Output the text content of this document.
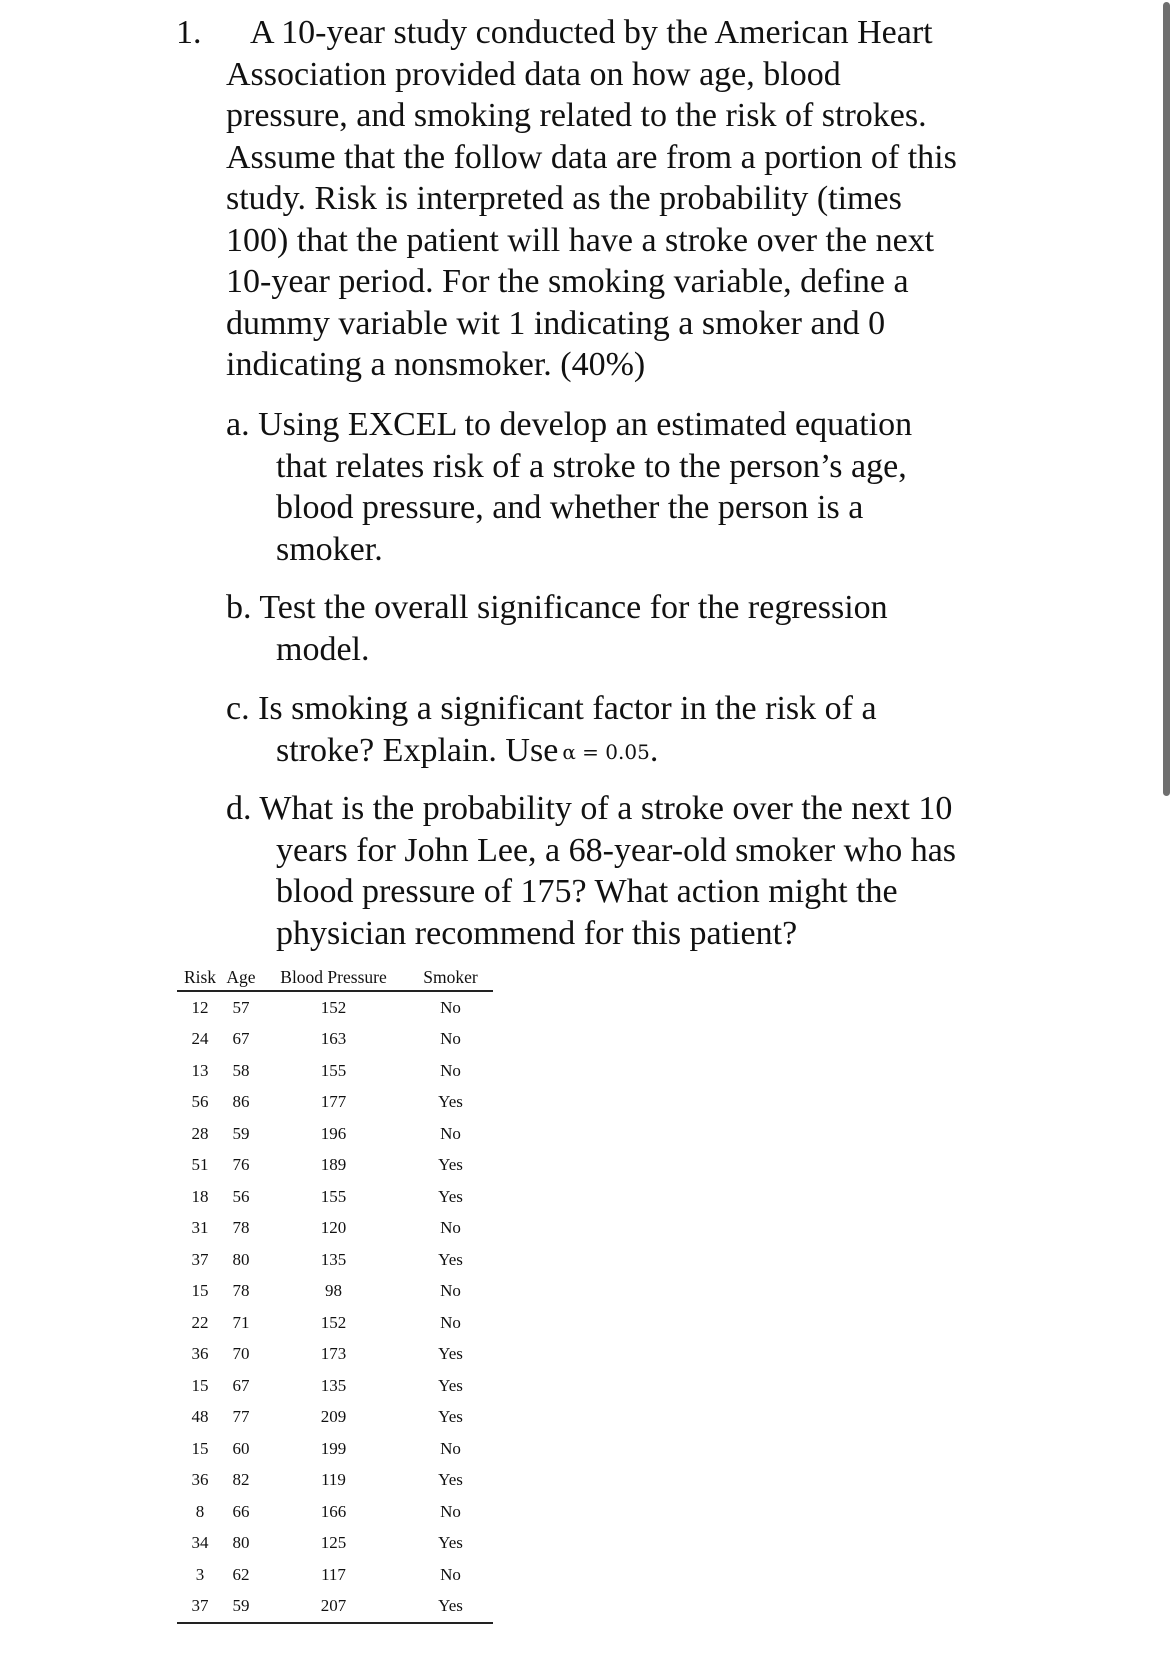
1.	A 10-year study conducted by the American Heart
Association provided data on how age, blood
pressure, and smoking related to the risk of strokes.
Assume that the follow data are from a portion of this
study. Risk is interpreted as the probability (times
100) that the patient will have a stroke over the next
10-year period. For the smoking variable, define a
dummy variable wit 1 indicating a smoker and 0
indicating a nonsmoker. (40%)
a. Using EXCEL to develop an estimated equation
that relates risk of a stroke to the person’s age,
blood pressure, and whether the person is a
smoker.
b. Test the overall significance for the regression
model.
c. Is smoking a significant factor in the risk of a
stroke? Explain. Use α = 0.05.
d. What is the probability of a stroke over the next 10
years for John Lee, a 68-year-old smoker who has
blood pressure of 175? What action might the
physician recommend for this patient?
Risk	Age	Blood Pressure	Smoker
12	57	152	No
24	67	163	No
13	58	155	No
56	86	177	Yes
28	59	196	No
51	76	189	Yes
18	56	155	Yes
31	78	120	No
37	80	135	Yes
15	78	98	No
22	71	152	No
36	70	173	Yes
15	67	135	Yes
48	77	209	Yes
15	60	199	No
36	82	119	Yes
8	66	166	No
34	80	125	Yes
3	62	117	No
37	59	207	Yes
